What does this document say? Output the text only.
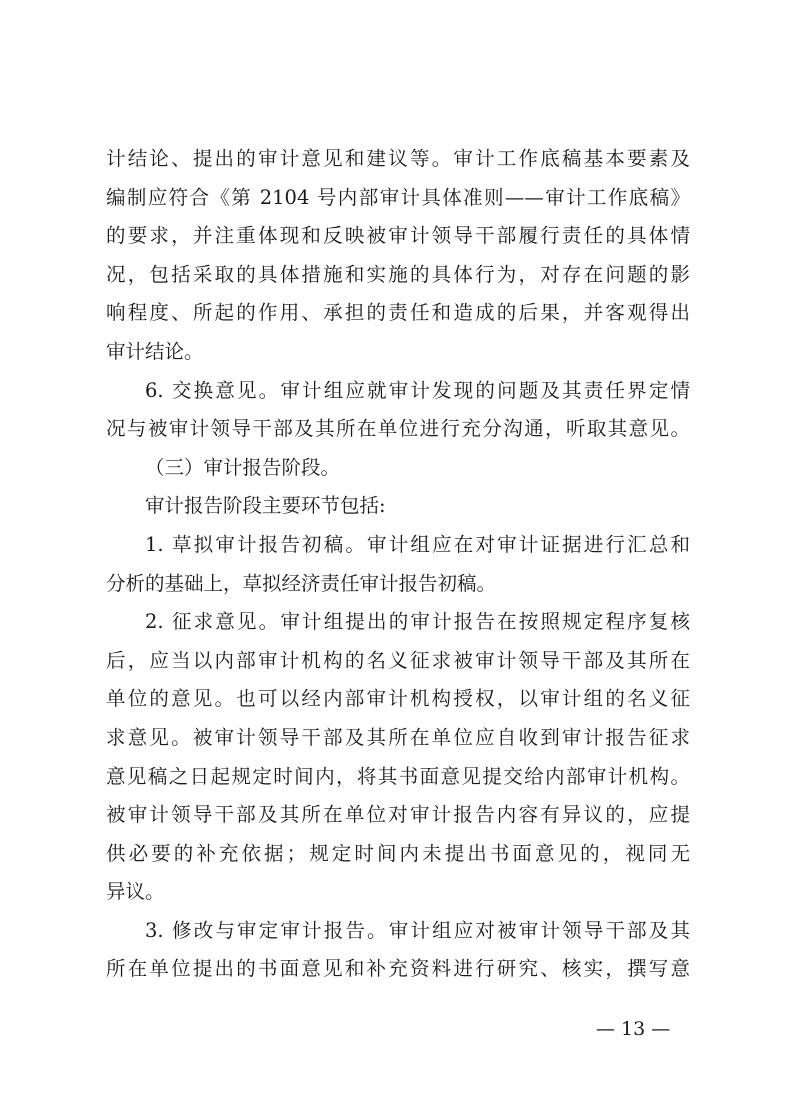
计结论、提出的审计意见和建议等。审计工作底稿基本要素及
编制应符合《第 2104 号内部审计具体准则——审计工作底稿》
的要求，并注重体现和反映被审计领导干部履行责任的具体情
况，包括采取的具体措施和实施的具体行为，对存在问题的影
响程度、所起的作用、承担的责任和造成的后果，并客观得出
审计结论。
6. 交换意见。审计组应就审计发现的问题及其责任界定情
况与被审计领导干部及其所在单位进行充分沟通，听取其意见。
（三）审计报告阶段。
审计报告阶段主要环节包括:
1. 草拟审计报告初稿。审计组应在对审计证据进行汇总和
分析的基础上，草拟经济责任审计报告初稿。
2. 征求意见。审计组提出的审计报告在按照规定程序复核
后，应当以内部审计机构的名义征求被审计领导干部及其所在
单位的意见。也可以经内部审计机构授权，以审计组的名义征
求意见。被审计领导干部及其所在单位应自收到审计报告征求
意见稿之日起规定时间内，将其书面意见提交给内部审计机构。
被审计领导干部及其所在单位对审计报告内容有异议的，应提
供必要的补充依据；规定时间内未提出书面意见的，视同无
异议。
3. 修改与审定审计报告。审计组应对被审计领导干部及其
所在单位提出的书面意见和补充资料进行研究、核实，撰写意
— 13 —
